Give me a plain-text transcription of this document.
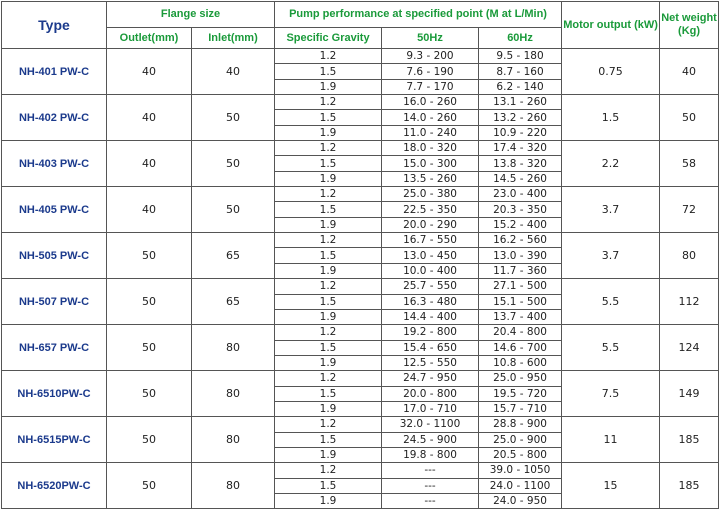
Type	Flange size		Pump performance at specified point (M at L/Min)			Motor output (kW)	Net weight (Kg)
	Outlet(mm)	Inlet(mm)	Specific Gravity	50Hz	60Hz		
NH-401 PW-C	40	40	1.2	9.3 - 200	9.5 - 180	0.75	40
			1.5	7.6 - 190	8.7 - 160		
			1.9	7.7 - 170	6.2 - 140		
NH-402 PW-C	40	50	1.2	16.0 - 260	13.1 - 260	1.5	50
			1.5	14.0 - 260	13.2 - 260		
			1.9	11.0 - 240	10.9 - 220		
NH-403 PW-C	40	50	1.2	18.0 - 320	17.4 - 320	2.2	58
			1.5	15.0 - 300	13.8 - 320		
			1.9	13.5 - 260	14.5 - 260		
NH-405 PW-C	40	50	1.2	25.0 - 380	23.0 - 400	3.7	72
			1.5	22.5 - 350	20.3 - 350		
			1.9	20.0 - 290	15.2 - 400		
NH-505 PW-C	50	65	1.2	16.7 - 550	16.2 - 560	3.7	80
			1.5	13.0 - 450	13.0 - 390		
			1.9	10.0 - 400	11.7 - 360		
NH-507 PW-C	50	65	1.2	25.7 - 550	27.1 - 500	5.5	112
			1.5	16.3 - 480	15.1 - 500		
			1.9	14.4 - 400	13.7 - 400		
NH-657 PW-C	50	80	1.2	19.2 - 800	20.4 - 800	5.5	124
			1.5	15.4 - 650	14.6 - 700		
			1.9	12.5 - 550	10.8 - 600		
NH-6510PW-C	50	80	1.2	24.7 - 950	25.0 - 950	7.5	149
			1.5	20.0 - 800	19.5 - 720		
			1.9	17.0 - 710	15.7 - 710		
NH-6515PW-C	50	80	1.2	32.0 - 1100	28.8 - 900	11	185
			1.5	24.5 - 900	25.0 - 900		
			1.9	19.8 - 800	20.5 - 800		
NH-6520PW-C	50	80	1.2	---	39.0 - 1050	15	185
			1.5	---	24.0 - 1100		
			1.9	---	24.0 - 950		
